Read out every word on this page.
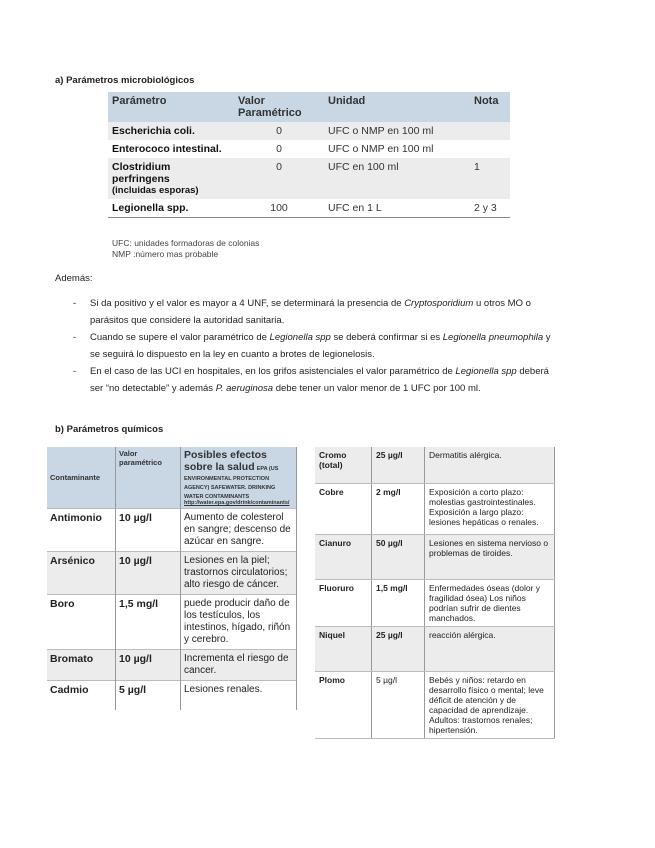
a) Parámetros microbiológicos
Parámetro	Valor Paramétrico	Unidad	Nota
Escherichia coli.	0	UFC o NMP en 100 ml	
Enterococo intestinal.	0	UFC o NMP en 100 ml	

Clostridium perfringens
(incluidas esporas)	0	UFC en 100 ml	1
Legionella spp.	100	UFC en 1 L	2 y 3
UFC: unidades formadoras de colonias
NMP :número mas probable
Además:
- Si da positivo y el valor es mayor a 4 UNF, se determinará la presencia de Cryptosporidium u otros MO o parásitos que considere la autoridad sanitaria.
- Cuando se supere el valor paramétrico de Legionella spp se deberá confirmar si es Legionella pneumophila y se seguirá lo dispuesto en la ley en cuanto a brotes de legionelosis.
- En el caso de las UCI en hospitales, en los grifos asistenciales el valor paramétrico de Legionella spp deberá ser “no detectable” y además P. aeruginosa debe tener un valor menor de 1 UFC por 100 ml.
b) Parámetros químicos
Contaminante	Valor paramétrico	Posibles efectos sobre la salud EPA (US ENVIRONMENTAL PROTECTION AGENCY) SAFEWATER. DRINKING WATER CONTAMINANTS
http://water.epa.gov/drink/contaminants/

Antimonio	10 µg/l	Aumento de colesterol en sangre; descenso de azúcar en sangre.
Arsénico	10 µg/l	Lesiones en la piel; trastornos circulatorios; alto riesgo de cáncer.
Boro	1,5 mg/l	puede producir daño de los testículos, los intestinos, hígado, riñón y cerebro.
Bromato	10 µg/l	Incrementa el riesgo de cancer.
Cadmio	5 µg/l	Lesiones renales.
Cromo (total)	25 µg/l	Dermatitis alérgica.
Cobre	2 mg/l	Exposición a corto plazo: molestias gastrointestinales. Exposición a largo plazo: lesiones hepáticas o renales.
Cianuro	50 µg/l	Lesiones en sistema nervioso o problemas de tiroides.
Fluoruro	1,5 mg/l	Enfermedades óseas (dolor y fragilidad ósea) Los niños podrían sufrir de dientes manchados.
Niquel	25 µg/l	reacción alérgica.
Plomo	5 µg/l	Bebés y niños: retardo en desarrollo físico o mental; leve déficit de atención y de capacidad de aprendizaje. Adultos: trastornos renales; hipertensión.
